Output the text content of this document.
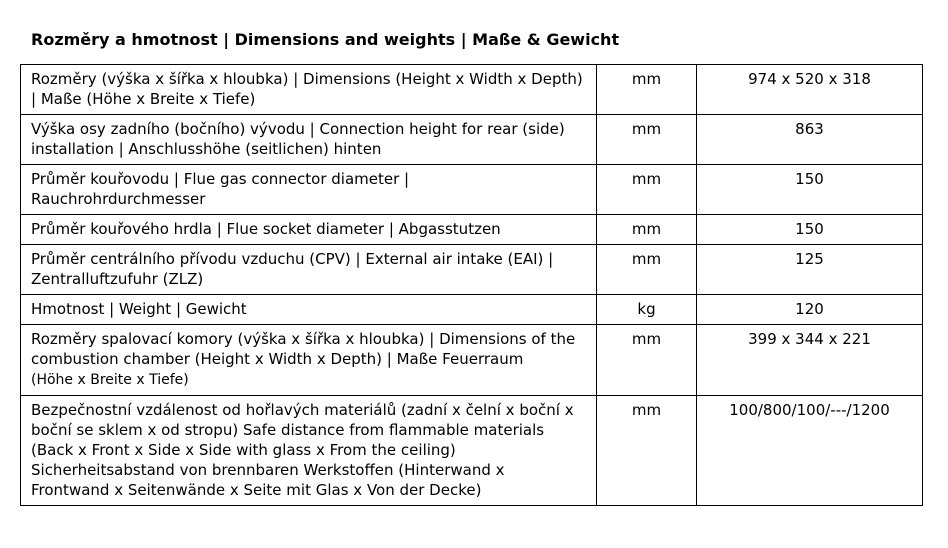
Rozměry a hmotnost | Dimensions and weights | Maße & Gewicht
Rozměry (výška x šířka x hloubka) | Dimensions (Height x Width x Depth) | Maße (Höhe x Breite x Tiefe)	mm	974 x 520 x 318
Výška osy zadního (bočního) vývodu | Connection height for rear (side) installation | Anschlusshöhe (seitlichen) hinten	mm	863
Průměr kouřovodu | Flue gas connector diameter | Rauchrohrdurchmesser	mm	150
Průměr kouřového hrdla | Flue socket diameter | Abgasstutzen	mm	150
Průměr centrálního přívodu vzduchu (CPV) | External air intake (EAI) | Zentralluftzufuhr (ZLZ)	mm	125
Hmotnost | Weight | Gewicht	kg	120
Rozměry spalovací komory (výška x šířka x hloubka) | Dimensions of the combustion chamber (Height x Width x Depth) | Maße Feuerraum
(Höhe x Breite x Tiefe)	mm	399 x 344 x 221
Bezpečnostní vzdálenost od hořlavých materiálů (zadní x čelní x boční x boční se sklem x od stropu) Safe distance from flammable materials (Back x Front x Side x Side with glass x From the ceiling) Sicherheitsabstand von brennbaren Werkstoffen (Hinterwand x Frontwand x Seitenwände x Seite mit Glas x Von der Decke)	mm	100/800/100/---/1200
